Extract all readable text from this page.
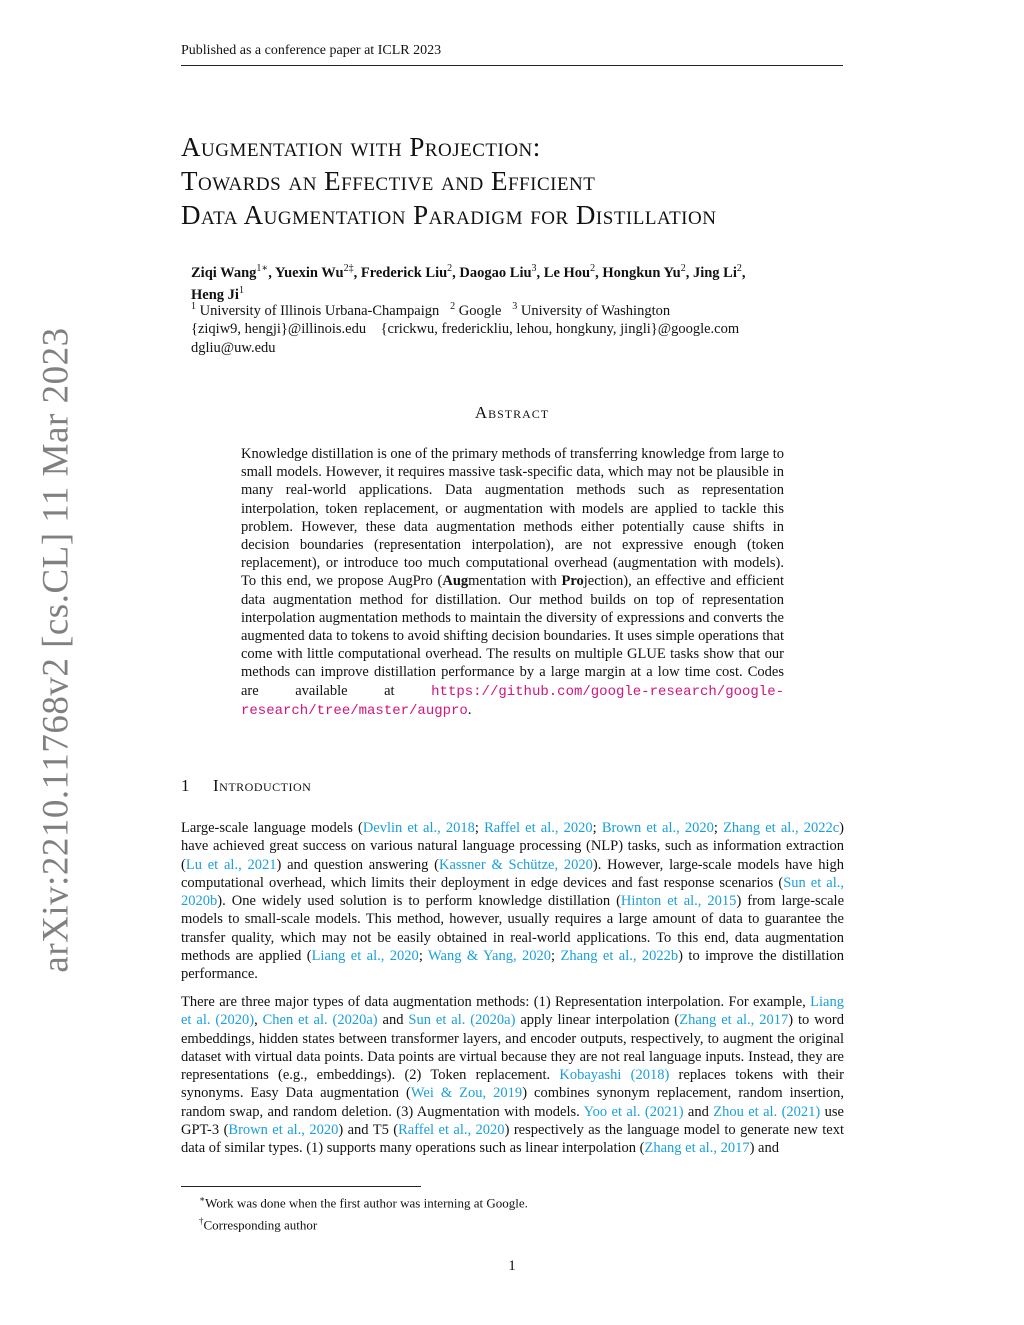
Published as a conference paper at ICLR 2023
arXiv:2210.11768v2 [cs.CL] 11 Mar 2023
Augmentation with Projection:
Towards an Effective and Efficient
Data Augmentation Paradigm for Distillation
Ziqi Wang$^{1∗}$, Yuexin $Wu^{2\ddagger}$, Frederick Liu$^2$, Daogao Liu$^3$, Le Hou$^2$, Hongkun Yu$^2$, Jing Li$^2$,
Heng Ji$^1$
$^1$ University of Illinois Urbana-Champaign $^2$ Google $^3$ University of Washington
{ziqiw9, hengji}@illinois.edu {crickwu, frederickliu, lehou, hongkuny, jingli}@google.com
dgliu@uw.edu
Abstract
Knowledge distillation is one of the primary methods of transferring knowledge from large to small models. However, it requires massive task-specific data, which may not be plausible in many real-world applications. Data augmentation methods such as representation interpolation, token replacement, or augmentation with models are applied to tackle this problem. However, these data augmentation methods either potentially cause shifts in decision boundaries (representation interpolation), are not expressive enough (token replacement), or introduce too much computational overhead (augmentation with models). To this end, we propose AugPro (Augmentation with Projection), an effective and efficient data augmentation method for distillation. Our method builds on top of representation interpolation augmentation methods to maintain the diversity of expressions and converts the augmented data to tokens to avoid shifting decision boundaries. It uses simple operations that come with little computational overhead. The results on multiple GLUE tasks show that our methods can improve distillation performance by a large margin at a low time cost. Codes are available at https://github.com/google-research/google-research/tree/master/augpro.
1 Introduction
Large-scale language models (Devlin et al., 2018; Raffel et al., 2020; Brown et al., 2020; Zhang et al., 2022c) have achieved great success on various natural language processing (NLP) tasks, such as information extraction (Lu et al., 2021) and question answering (Kassner & Schütze, 2020). However, large-scale models have high computational overhead, which limits their deployment in edge devices and fast response scenarios (Sun et al., 2020b). One widely used solution is to perform knowledge distillation (Hinton et al., 2015) from large-scale models to small-scale models. This method, however, usually requires a large amount of data to guarantee the transfer quality, which may not be easily obtained in real-world applications. To this end, data augmentation methods are applied (Liang et al., 2020; Wang & Yang, 2020; Zhang et al., 2022b) to improve the distillation performance.
There are three major types of data augmentation methods: (1) Representation interpolation. For example, Liang et al. (2020), Chen et al. (2020a) and Sun et al. (2020a) apply linear interpolation (Zhang et al., 2017) to word embeddings, hidden states between transformer layers, and encoder outputs, respectively, to augment the original dataset with virtual data points. Data points are virtual because they are not real language inputs. Instead, they are representations (e.g., embeddings). (2) Token replacement. Kobayashi (2018) replaces tokens with their synonyms. Easy Data augmentation (Wei & Zou, 2019) combines synonym replacement, random insertion, random swap, and random deletion. (3) Augmentation with models. Yoo et al. (2021) and Zhou et al. (2021) use GPT-3 (Brown et al., 2020) and T5 (Raffel et al., 2020) respectively as the language model to generate new text data of similar types. (1) supports many operations such as linear interpolation (Zhang et al., 2017) and
∗Work was done when the first author was interning at Google.
†Corresponding author
1
